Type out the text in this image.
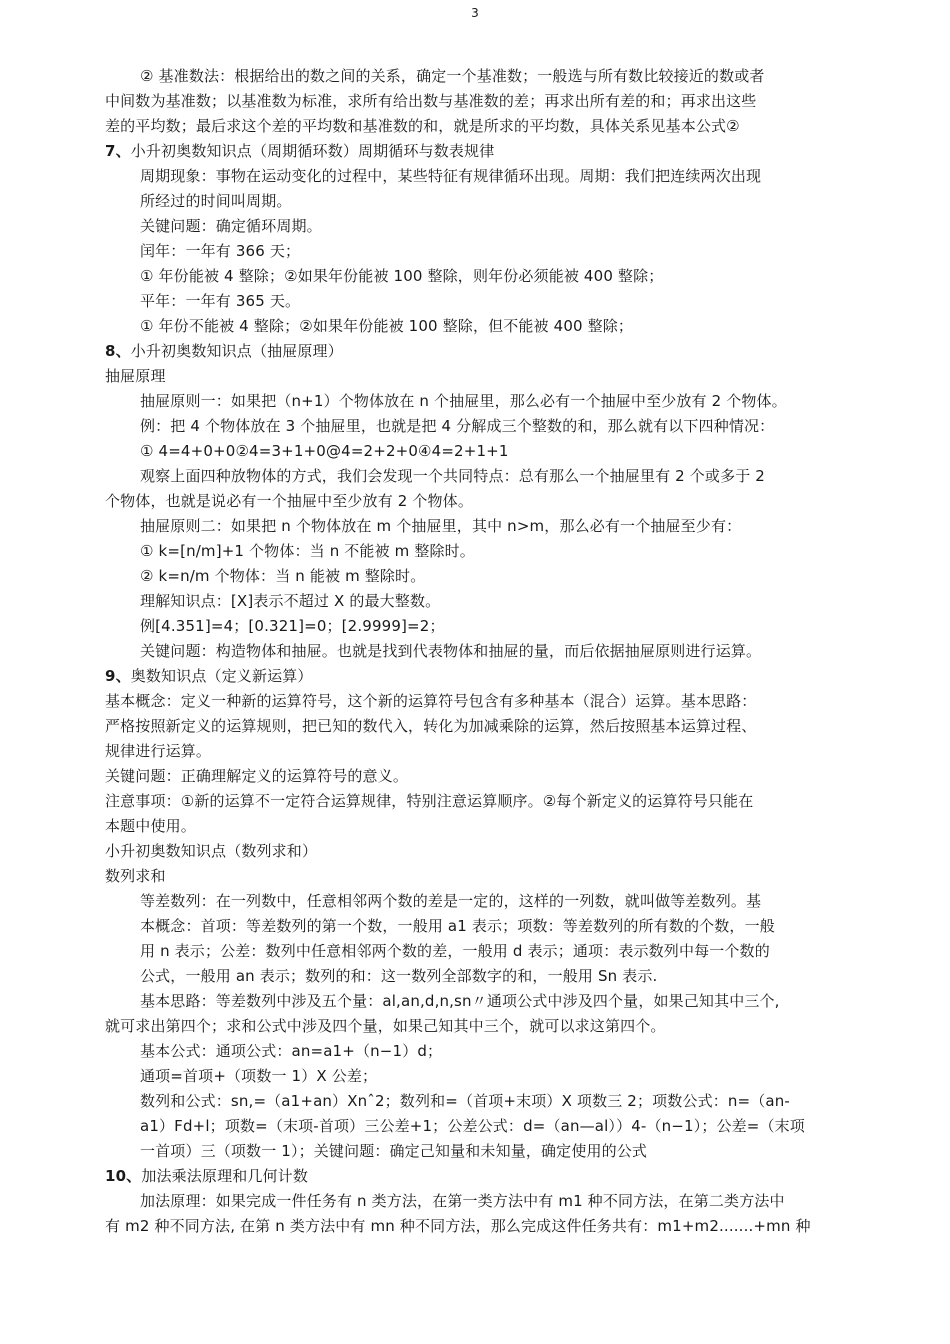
3
② 基准数法：根据给出的数之间的关系，确定一个基准数；一般选与所有数比较接近的数或者
中间数为基准数；以基准数为标准，求所有给出数与基准数的差；再求出所有差的和；再求出这些
差的平均数；最后求这个差的平均数和基准数的和，就是所求的平均数，具体关系见基本公式②
7、小升初奥数知识点（周期循环数）周期循环与数表规律
周期现象：事物在运动变化的过程中，某些特征有规律循环出现。周期：我们把连续两次出现
所经过的时间叫周期。
关键问题：确定循环周期。
闰年：一年有 366 天；
① 年份能被 4 整除；②如果年份能被 100 整除，则年份必须能被 400 整除；
平年：一年有 365 天。
① 年份不能被 4 整除；②如果年份能被 100 整除，但不能被 400 整除；
8、小升初奥数知识点（抽屉原理）
抽屉原理
抽屉原则一：如果把（n+1）个物体放在 n 个抽屉里，那么必有一个抽屉中至少放有 2 个物体。
例：把 4 个物体放在 3 个抽屉里，也就是把 4 分解成三个整数的和，那么就有以下四种情况：
① 4=4+0+0②4=3+1+0@4=2+2+0④4=2+1+1
观察上面四种放物体的方式，我们会发现一个共同特点：总有那么一个抽屉里有 2 个或多于 2
个物体，也就是说必有一个抽屉中至少放有 2 个物体。
抽屉原则二：如果把 n 个物体放在 m 个抽屉里，其中 n>m，那么必有一个抽屉至少有：
① k=[n/m]+1 个物体：当 n 不能被 m 整除时。
② k=n/m 个物体：当 n 能被 m 整除时。
理解知识点：[X]表示不超过 X 的最大整数。
例[4.351]=4；[0.321]=0；[2.9999]=2；
关键问题：构造物体和抽屉。也就是找到代表物体和抽屉的量，而后依据抽屉原则进行运算。
9、奥数知识点（定义新运算）
基本概念：定义一种新的运算符号，这个新的运算符号包含有多种基本（混合）运算。基本思路：
严格按照新定义的运算规则，把已知的数代入，转化为加减乘除的运算，然后按照基本运算过程、
规律进行运算。
关键问题：正确理解定义的运算符号的意义。
注意事项：①新的运算不一定符合运算规律，特别注意运算顺序。②每个新定义的运算符号只能在
本题中使用。
小升初奥数知识点（数列求和）
数列求和
等差数列：在一列数中，任意相邻两个数的差是一定的，这样的一列数，就叫做等差数列。基
本概念：首项：等差数列的第一个数，一般用 a1 表示；项数：等差数列的所有数的个数，一般
用 n 表示；公差：数列中任意相邻两个数的差，一般用 d 表示；通项：表示数列中每一个数的
公式，一般用 an 表示；数列的和：这一数列全部数字的和，一般用 Sn 表示.
基本思路：等差数列中涉及五个量：al,an,d,n,sn〃通项公式中涉及四个量，如果己知其中三个,
就可求出第四个；求和公式中涉及四个量，如果己知其中三个，就可以求这第四个。
基本公式：通项公式：an=a1+（n−1）d；
通项=首项+（项数一 1）X 公差；
数列和公式：sn,=（a1+an）Xnˆ2；数列和=（首项+末项）X 项数三 2；项数公式：n=（an-
a1）Fd+l；项数=（末项-首项）三公差+1；公差公式：d=（an—al））4-（n−1）；公差=（末项
一首项）三（项数一 1）；关键问题：确定己知量和未知量，确定使用的公式
10、加法乘法原理和几何计数
加法原理：如果完成一件任务有 n 类方法，在第一类方法中有 m1 种不同方法，在第二类方法中
有 m2 种不同方法, 在第 n 类方法中有 mn 种不同方法，那么完成这件任务共有：m1+m2.......+mn 种
